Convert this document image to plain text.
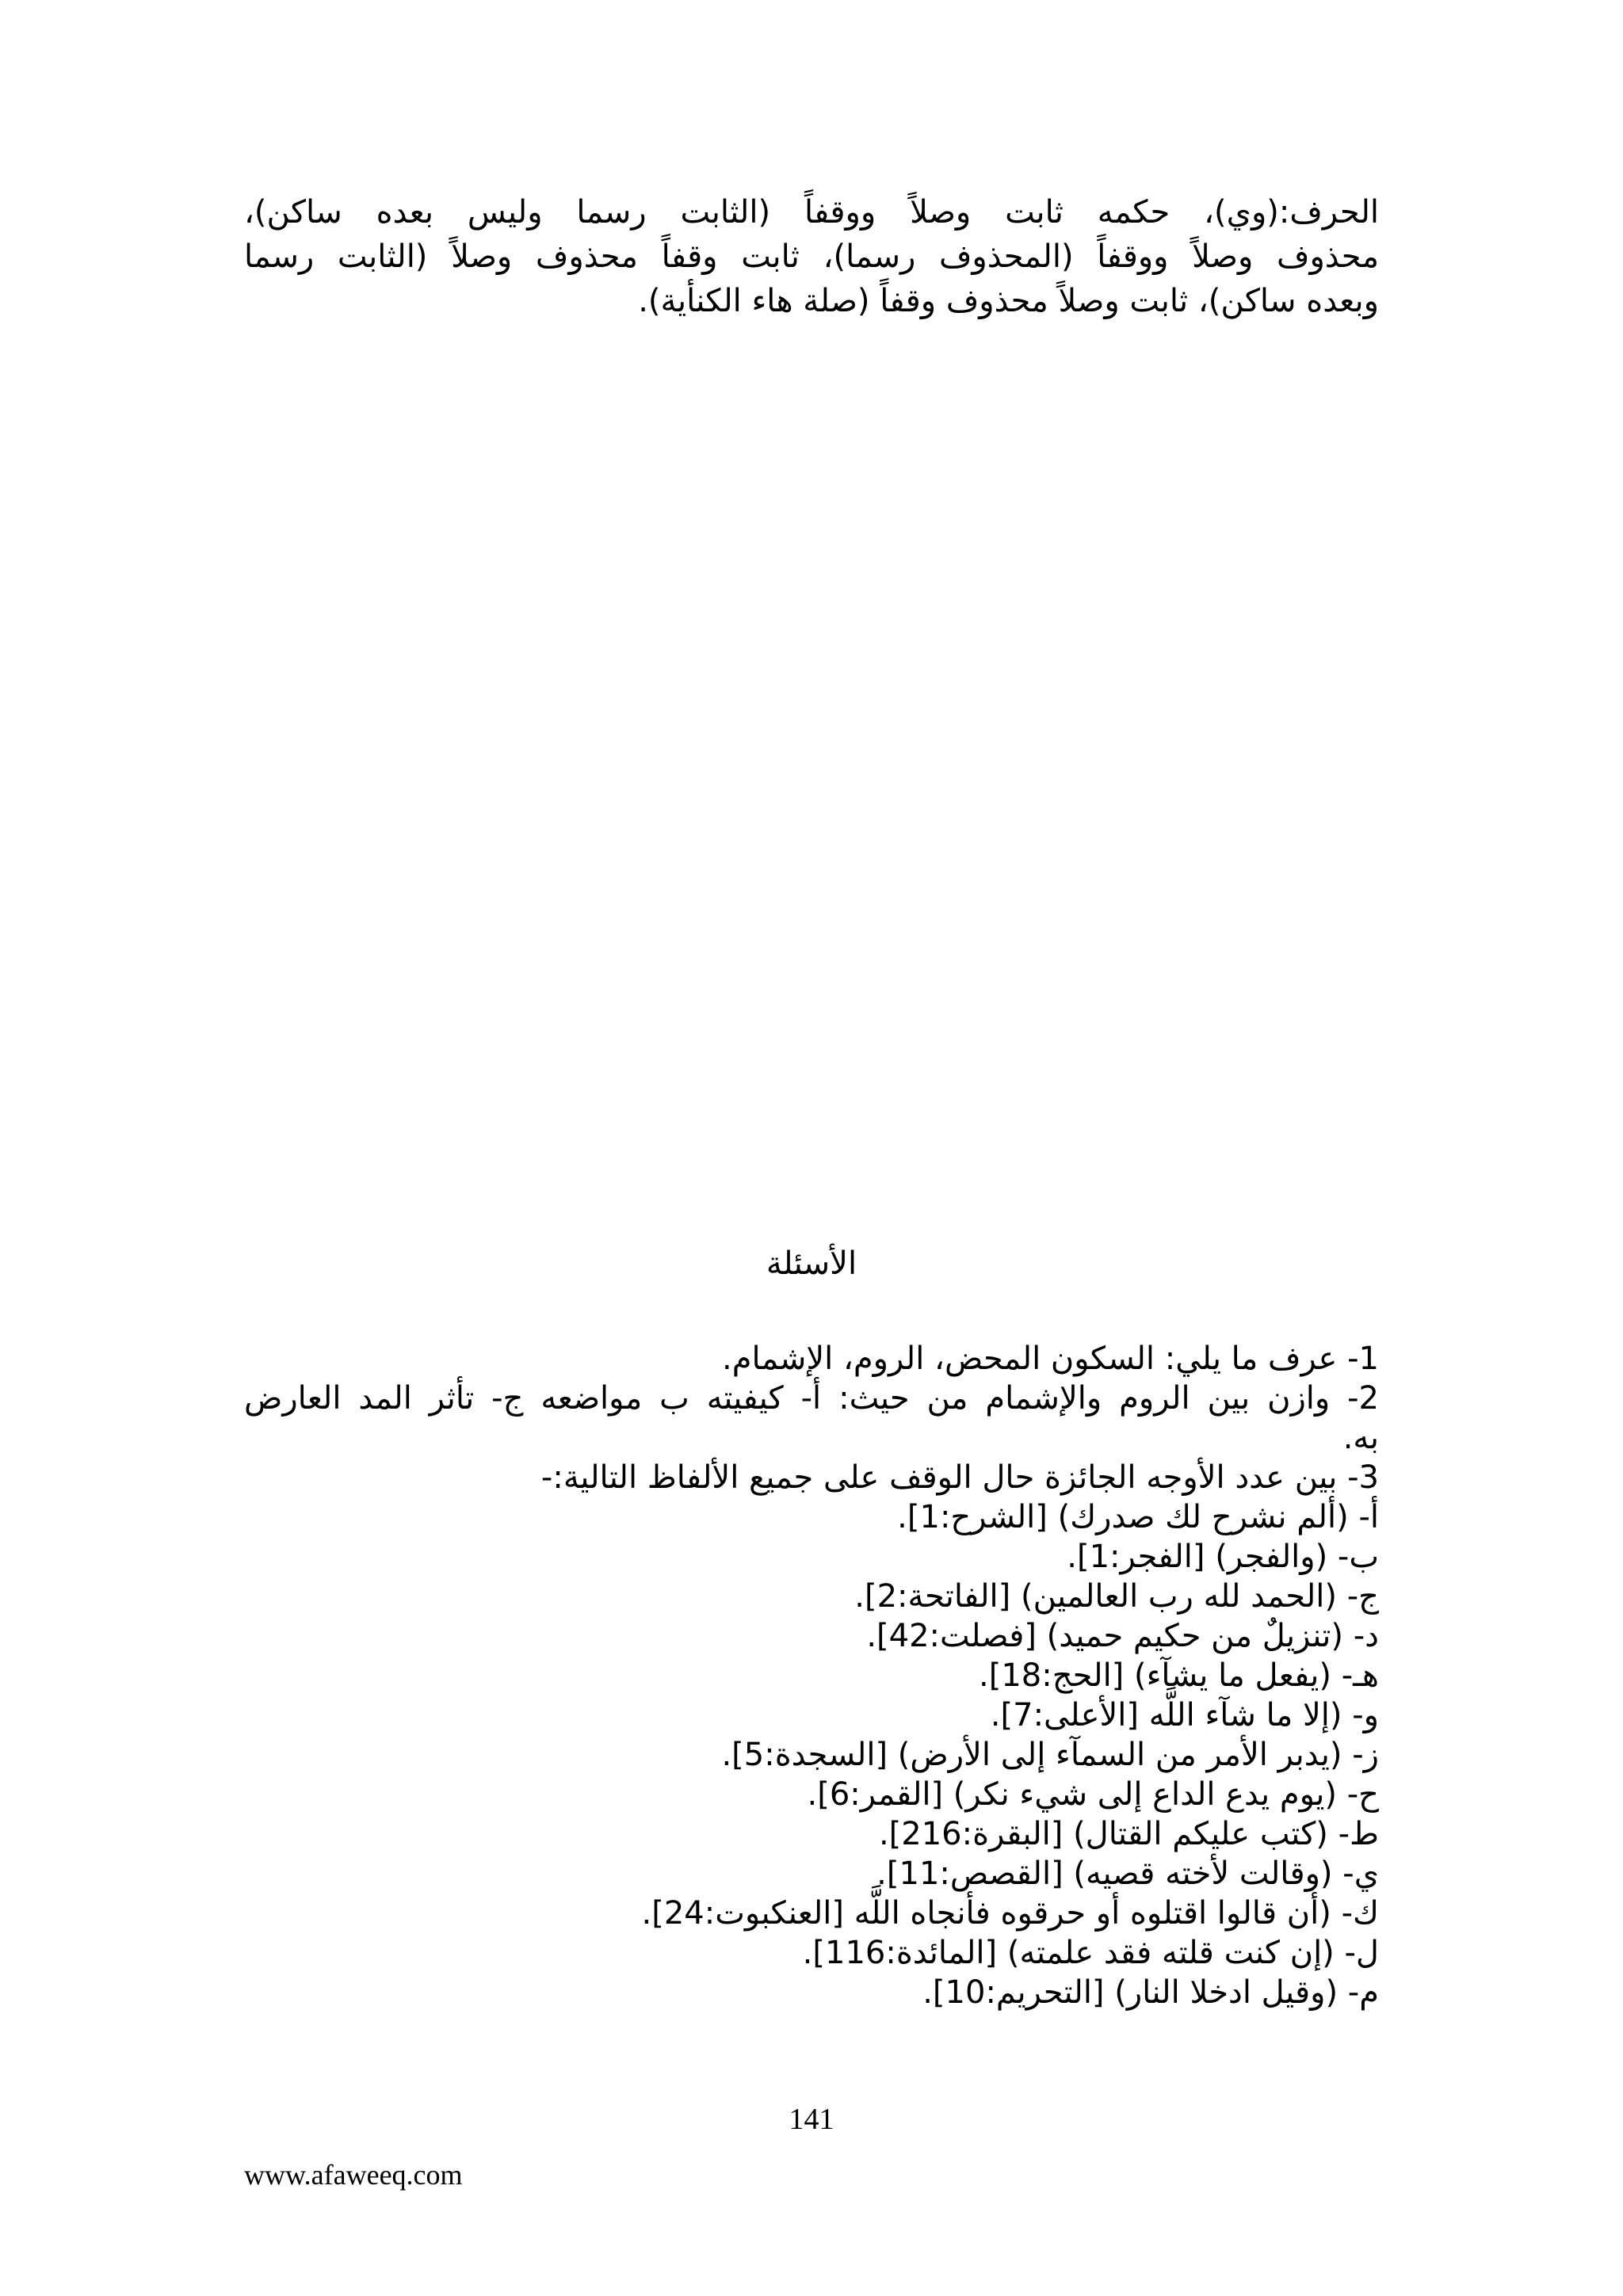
الحرف:(وي)، حكمه ثابت وصلاً ووقفاً (الثابت رسما وليس بعده ساكن)،
محذوف وصلاً ووقفاً (المحذوف رسما)، ثابت وقفاً محذوف وصلاً (الثابت رسما
وبعده ساكن)، ثابت وصلاً محذوف وقفاً (صلة هاء الكنأية).
الأسئلة
1- عرف ما يلي: السكون المحض، الروم، الإشمام.
2- وازن بين الروم والإشمام من حيث: أ- كيفيته ب مواضعه ج- تأثر المد العارض
به.
3- بين عدد الأوجه الجائزة حال الوقف على جميع الألفاظ التالية:-
أ- (ألم نشرح لك صدرك) [الشرح:1].
ب- (والفجر) [الفجر:1].
ج- (الحمد لله رب العالمين) [الفاتحة:2].
د- (تنزيلٌ من حكيم حميد) [فصلت:42].
هـ- (يفعل ما يشآء) [الحج:18].
و- (إلا ما شآء اللَّه [الأعلى:7].
ز- (يدبر الأمر من السمآء إلى الأرض) [السجدة:5].
ح- (يوم يدع الداع إلى شيء نكر) [القمر:6].
ط- (كتب عليكم القتال) [البقرة:216].
ي- (وقالت لأخته قصيه) [القصص:11].
ك- (أن قالوا اقتلوه أو حرقوه فأنجاه اللَّه [العنكبوت:24].
ل- (إن كنت قلته فقد علمته) [المائدة:116].
م- (وقيل ادخلا النار) [التحريم:10].
141
www.afaweeq.com
